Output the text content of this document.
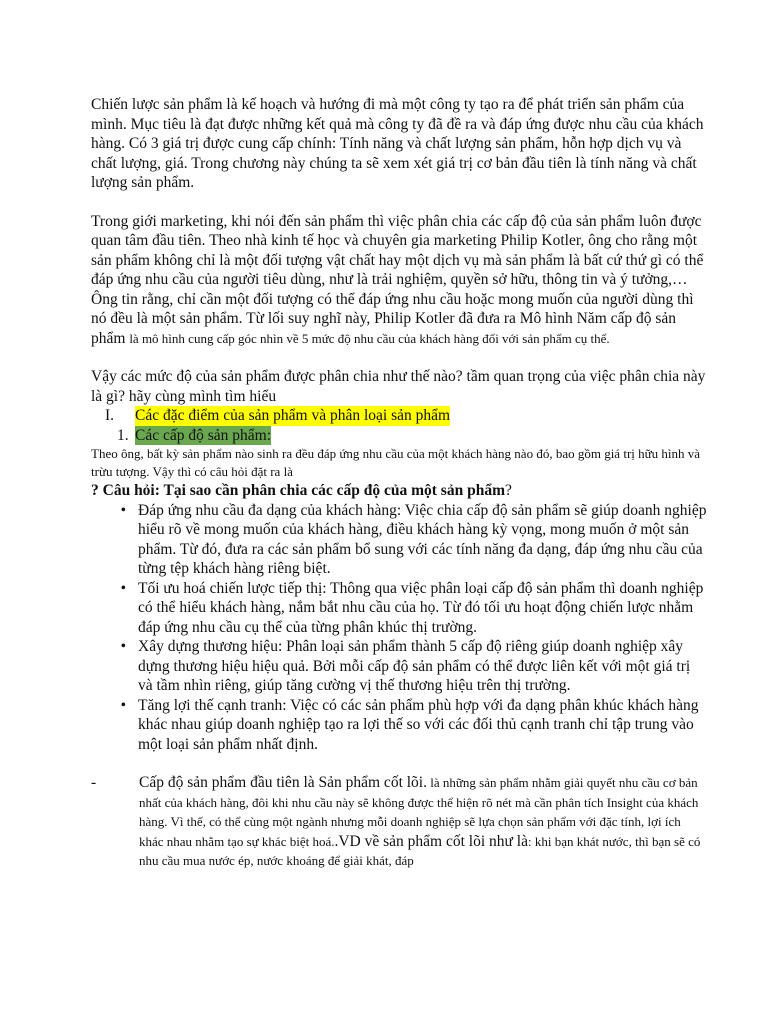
Chiến lược sản phẩm là kế hoạch và hướng đi mà một công ty tạo ra để phát triển sản phẩm của mình. Mục tiêu là đạt được những kết quả mà công ty đã đề ra và đáp ứng được nhu cầu của khách hàng. Có 3 giá trị được cung cấp chính: Tính năng và chất lượng sản phẩm, hỗn hợp dịch vụ và chất lượng, giá. Trong chương này chúng ta sẽ xem xét giá trị cơ bản đầu tiên là tính năng và chất lượng sản phẩm.

Trong giới marketing, khi nói đến sản phẩm thì việc phân chia các cấp độ của sản phẩm luôn được quan tâm đầu tiên. Theo nhà kinh tế học và chuyên gia marketing Philip Kotler, ông cho rằng một sản phẩm không chỉ là một đối tượng vật chất hay một dịch vụ mà sản phẩm là bất cứ thứ gì có thể đáp ứng nhu cầu của người tiêu dùng, như là trải nghiệm, quyền sở hữu, thông tin và ý tưởng,… Ông tin rằng, chỉ cần một đối tượng có thể đáp ứng nhu cầu hoặc mong muốn của người dùng thì nó đều là một sản phẩm. Từ lối suy nghĩ này, Philip Kotler đã đưa ra Mô hình Năm cấp độ sản phẩm là mô hình cung cấp góc nhìn về 5 mức độ nhu cầu của khách hàng đối với sản phẩm cụ thể.

Vậy các mức độ của sản phẩm được phân chia như thế nào? tầm quan trọng của việc phân chia này là gì? hãy cùng mình tìm hiểu

I.	Các đặc điểm của sản phẩm và phân loại sản phẩm
1. Các cấp độ sản phẩm:

Theo ông, bất kỳ sản phẩm nào sinh ra đều đáp ứng nhu cầu của một khách hàng nào đó, bao gồm giá trị hữu hình và trừu tượng. Vậy thì có câu hỏi đặt ra là

? Câu hỏi: Tại sao cần phân chia các cấp độ của một sản phẩm?

• Đáp ứng nhu cầu đa dạng của khách hàng: Việc chia cấp độ sản phẩm sẽ giúp doanh nghiệp hiểu rõ về mong muốn của khách hàng, điều khách hàng kỳ vọng, mong muốn ở một sản phẩm. Từ đó, đưa ra các sản phẩm bổ sung với các tính năng đa dạng, đáp ứng nhu cầu của từng tệp khách hàng riêng biệt.
• Tối ưu hoá chiến lược tiếp thị: Thông qua việc phân loại cấp độ sản phẩm thì doanh nghiệp có thể hiểu khách hàng, nắm bắt nhu cầu của họ. Từ đó tối ưu hoạt động chiến lược nhằm đáp ứng nhu cầu cụ thể của từng phân khúc thị trường.
• Xây dựng thương hiệu: Phân loại sản phẩm thành 5 cấp độ riêng giúp doanh nghiệp xây dựng thương hiệu hiệu quả. Bởi mỗi cấp độ sản phẩm có thể được liên kết với một giá trị và tầm nhìn riêng, giúp tăng cường vị thế thương hiệu trên thị trường.
• Tăng lợi thế cạnh tranh: Việc có các sản phẩm phù hợp với đa dạng phân khúc khách hàng khác nhau giúp doanh nghiệp tạo ra lợi thế so với các đối thủ cạnh tranh chỉ tập trung vào một loại sản phẩm nhất định.
-	Cấp độ sản phẩm đầu tiên là Sản phẩm cốt lõi. là những sản phẩm nhằm giải quyết nhu cầu cơ bản nhất của khách hàng, đôi khi nhu cầu này sẽ không được thể hiện rõ nét mà cần phân tích Insight của khách hàng. Vì thế, có thể cùng một ngành nhưng mỗi doanh nghiệp sẽ lựa chọn sản phẩm với đặc tính, lợi ích khác nhau nhằm tạo sự khác biệt hoá..VD về sản phẩm cốt lõi như là: khi bạn khát nước, thì bạn sẽ có nhu cầu mua nước ép, nước khoáng để giải khát, đáp
